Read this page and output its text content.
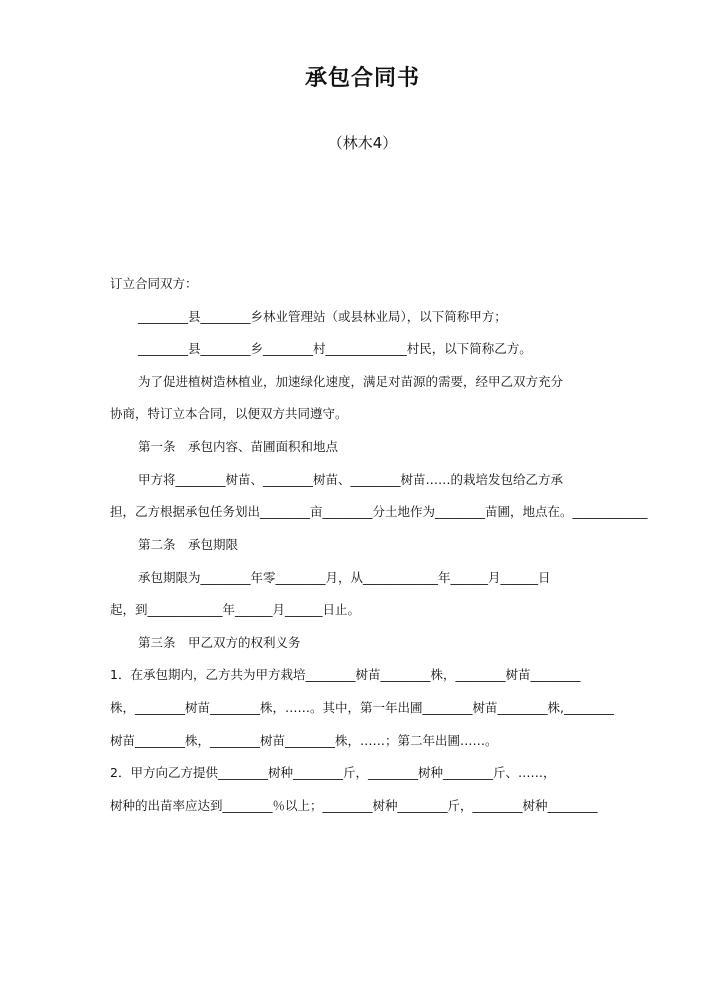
承包合同书
（林木4）
订立合同双方：
________县________乡林业管理站（或县林业局），以下简称甲方；
________县________乡________村_____________村民，以下简称乙方。
为了促进植树造林植业，加速绿化速度，满足对苗源的需要，经甲乙双方充分
协商，特订立本合同，以便双方共同遵守。
第一条　承包内容、苗圃面积和地点
甲方将________树苗、________树苗、________树苗……的栽培发包给乙方承
担，乙方根据承包任务划出________亩________分土地作为________苗圃，地点在。____________
第二条　承包期限
承包期限为________年零________月，从____________年______月______日
起，到____________年______月______日止。
第三条　甲乙双方的权利义务
1．在承包期内，乙方共为甲方栽培________树苗________株，________树苗________
株，________树苗________株，……。其中，第一年出圃________树苗________株,________
树苗________株，________树苗________株，……；第二年出圃……。
2．甲方向乙方提供________树种________斤，________树种________斤、……，
树种的出苗率应达到________％以上；________树种________斤，________树种________
